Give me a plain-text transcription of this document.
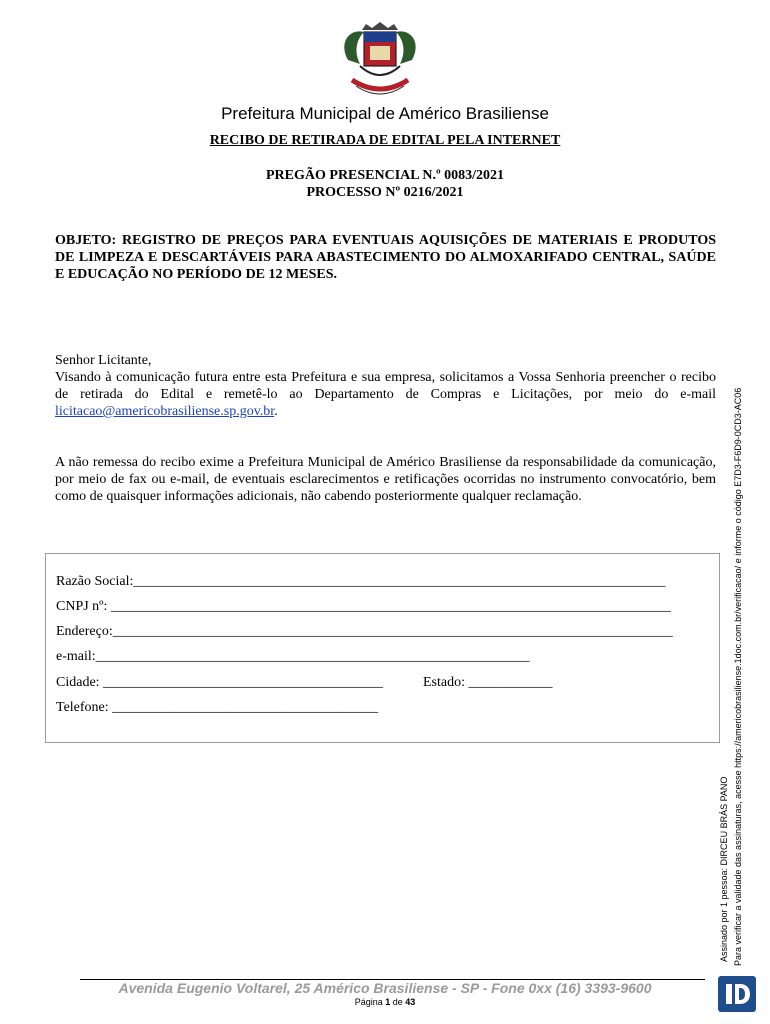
Prefeitura Municipal de Américo Brasiliense
RECIBO DE RETIRADA DE EDITAL PELA INTERNET
PREGÃO PRESENCIAL N.º 0083/2021
PROCESSO Nº 0216/2021
OBJETO: REGISTRO DE PREÇOS PARA EVENTUAIS AQUISIÇÕES DE MATERIAIS E PRODUTOS DE LIMPEZA E DESCARTÁVEIS PARA ABASTECIMENTO DO ALMOXARIFADO CENTRAL, SAÚDE E EDUCAÇÃO NO PERÍODO DE 12 MESES.
Senhor Licitante,
Visando à comunicação futura entre esta Prefeitura e sua empresa, solicitamos a Vossa Senhoria preencher o recibo de retirada do Edital e remetê-lo ao Departamento de Compras e Licitações, por meio do e-mail licitacao@americobrasiliense.sp.gov.br.
A não remessa do recibo exime a Prefeitura Municipal de Américo Brasiliense da responsabilidade da comunicação, por meio de fax ou e-mail, de eventuais esclarecimentos e retificações ocorridas no instrumento convocatório, bem como de quaisquer informações adicionais, não cabendo posteriormente qualquer reclamação.
Razão Social:____________________________________________________________________________
CNPJ nº: ________________________________________________________________________________
Endereço:________________________________________________________________________________
e-mail:______________________________________________________________
Cidade: ________________________________________	Estado: ____________
Telefone: ______________________________________
Assinado por 1 pessoa: DIRCEU BRÁS PANO Para verificar a validade das assinaturas, acesse https://americobrasiliense.1doc.com.br/verificacao/ e informe o código E7D3-F6D9-0CD3-AC06
Avenida Eugenio Voltarel, 25 Américo Brasiliense - SP - Fone 0xx (16) 3393-9600
Página 1 de 43
